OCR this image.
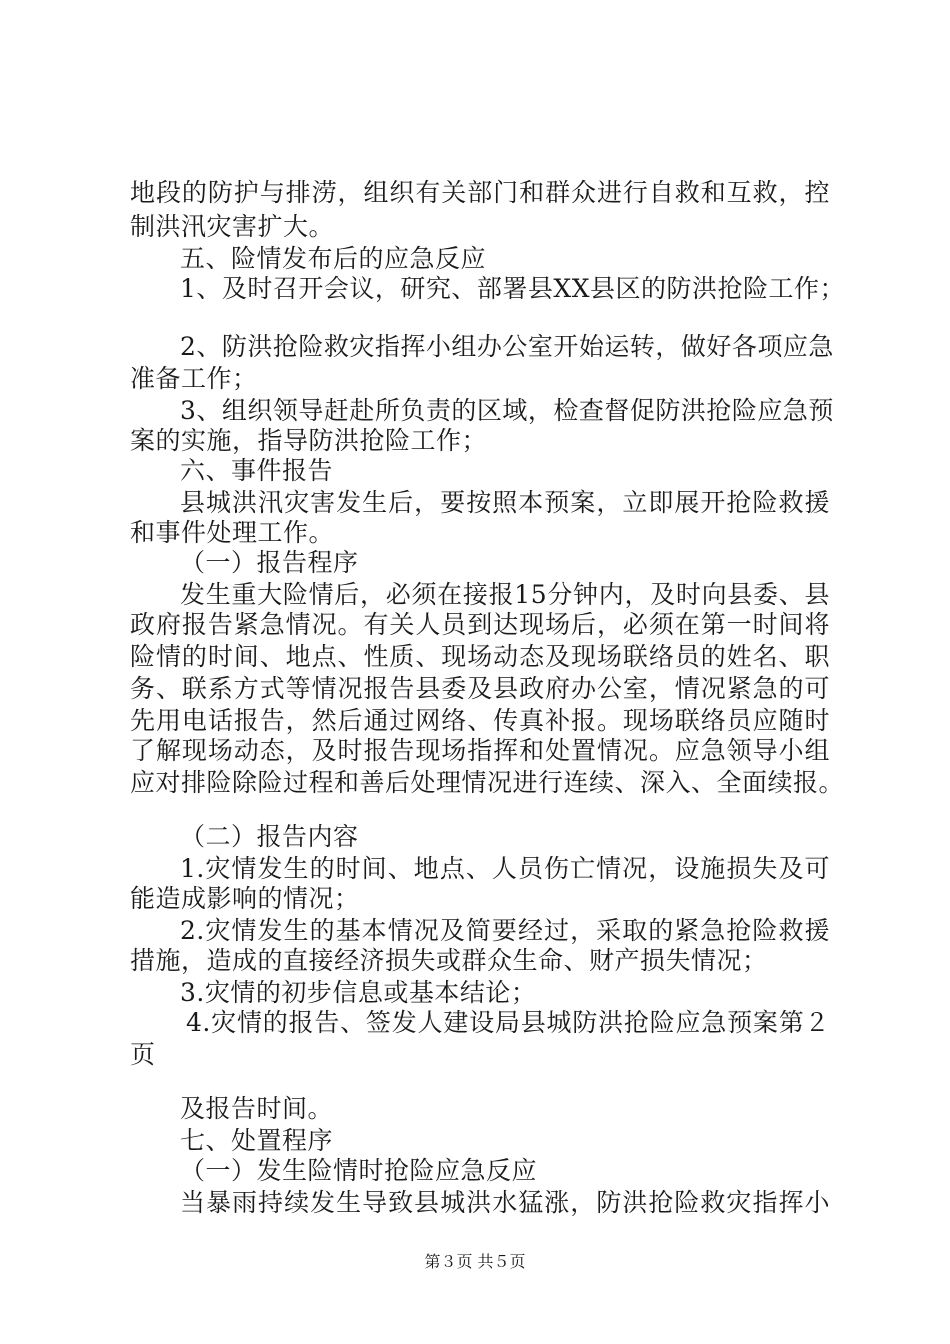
地段的防护与排涝，组织有关部门和群众进行自救和互救，控
制洪汛灾害扩大。
五、险情发布后的应急反应
1、及时召开会议，研究、部署县XX县区的防洪抢险工作；
2、防洪抢险救灾指挥小组办公室开始运转，做好各项应急
准备工作；
3、组织领导赶赴所负责的区域，检查督促防洪抢险应急预
案的实施，指导防洪抢险工作；
六、事件报告
县城洪汛灾害发生后，要按照本预案，立即展开抢险救援
和事件处理工作。
（一）报告程序
发生重大险情后，必须在接报15分钟内，及时向县委、县
政府报告紧急情况。有关人员到达现场后，必须在第一时间将
险情的时间、地点、性质、现场动态及现场联络员的姓名、职
务、联系方式等情况报告县委及县政府办公室，情况紧急的可
先用电话报告，然后通过网络、传真补报。现场联络员应随时
了解现场动态，及时报告现场指挥和处置情况。应急领导小组
应对排险除险过程和善后处理情况进行连续、深入、全面续报。
（二）报告内容
1.灾情发生的时间、地点、人员伤亡情况，设施损失及可
能造成影响的情况；
2.灾情发生的基本情况及简要经过，采取的紧急抢险救援
措施，造成的直接经济损失或群众生命、财产损失情况；
3.灾情的初步信息或基本结论；
4.灾情的报告、签发人建设局县城防洪抢险应急预案第２
页
及报告时间。
七、处置程序
（一）发生险情时抢险应急反应
当暴雨持续发生导致县城洪水猛涨，防洪抢险救灾指挥小
第３页 共５页
